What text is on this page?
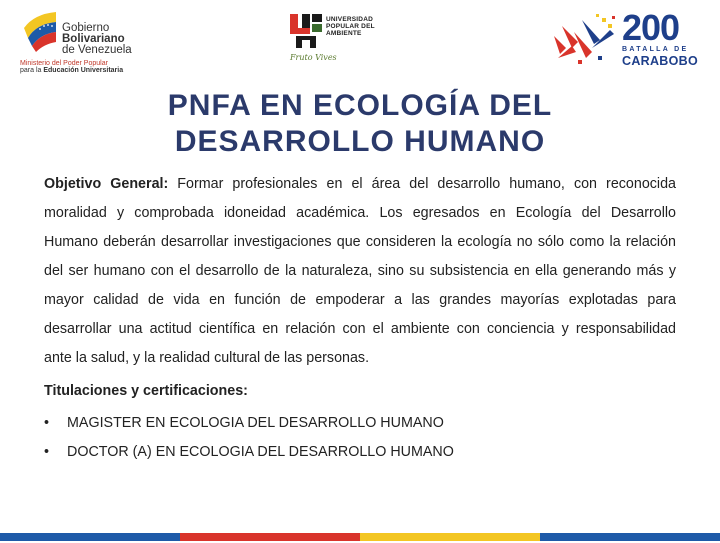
Gobierno
Bolivariano
de Venezuela
Ministerio del Poder Popular
para la Educación Universitaria
UNIVERSIDAD
POPULAR DEL
AMBIENTE
Fruto Vives
200
BATALLA DE
CARABOBO
PNFA EN ECOLOGÍA DEL
DESARROLLO HUMANO
Objetivo General: Formar profesionales en el área del desarrollo humano, con reconocida
moralidad y comprobada idoneidad académica. Los egresados en Ecología del Desarrollo
Humano deberán desarrollar investigaciones que consideren la ecología no sólo como la relación
del ser humano con el desarrollo de la naturaleza, sino su subsistencia en ella generando más y
mayor calidad de vida en función de empoderar a las grandes mayorías explotadas para
desarrollar una actitud científica en relación con el ambiente con conciencia y responsabilidad
ante la salud, y la realidad cultural de las personas.
Titulaciones y certificaciones:
• MAGISTER EN ECOLOGIA DEL DESARROLLO HUMANO
• DOCTOR (A) EN ECOLOGIA DEL DESARROLLO HUMANO
